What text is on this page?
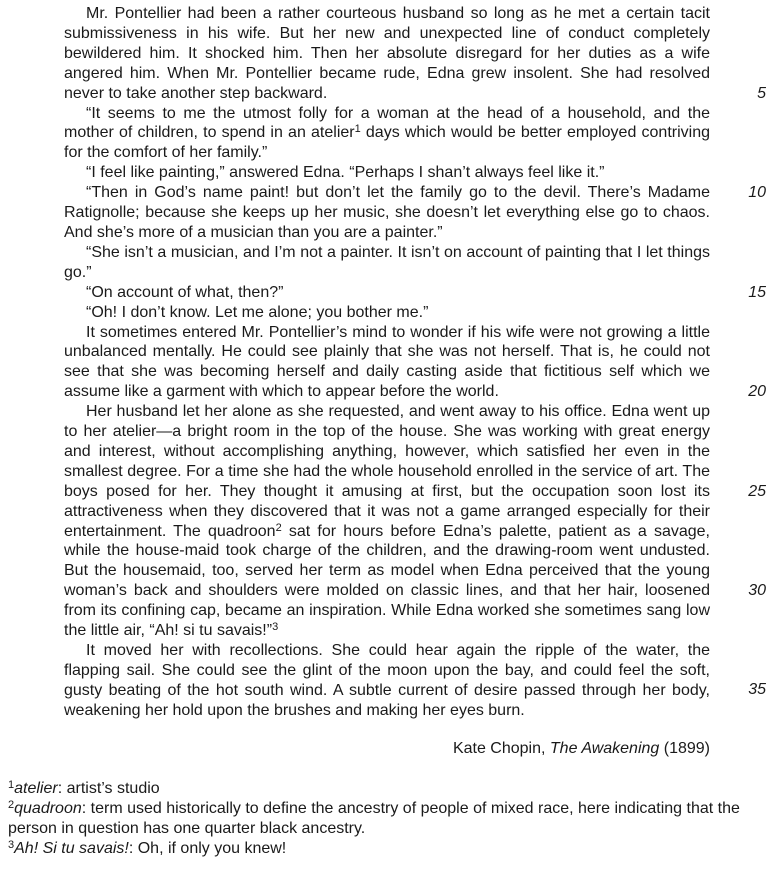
Mr. Pontellier had been a rather courteous husband so long as he met a certain tacit submissiveness in his wife. But her new and unexpected line of conduct completely bewildered him. It shocked him. Then her absolute disregard for her duties as a wife angered him. When Mr. Pontellier became rude, Edna grew insolent. She had resolved never to take another step backward.

“It seems to me the utmost folly for a woman at the head of a household, and the mother of children, to spend in an atelier$^1$ days which would be better employed contriving for the comfort of her family.”

“I feel like painting,” answered Edna. “Perhaps I shan’t always feel like it.”

“Then in God’s name paint! but don’t let the family go to the devil. There’s Madame Ratignolle; because she keeps up her music, she doesn’t let everything else go to chaos. And she’s more of a musician than you are a painter.”

“She isn’t a musician, and I’m not a painter. It isn’t on account of painting that I let things go.”

“On account of what, then?”

“Oh! I don’t know. Let me alone; you bother me.”

It sometimes entered Mr. Pontellier’s mind to wonder if his wife were not growing a little unbalanced mentally. He could see plainly that she was not herself. That is, he could not see that she was becoming herself and daily casting aside that fictitious self which we assume like a garment with which to appear before the world.

Her husband let her alone as she requested, and went away to his office. Edna went up to her atelier—a bright room in the top of the house. She was working with great energy and interest, without accomplishing anything, however, which satisfied her even in the smallest degree. For a time she had the whole household enrolled in the service of art. The boys posed for her. They thought it amusing at first, but the occupation soon lost its attractiveness when they discovered that it was not a game arranged especially for their entertainment. The quadroon$^2$ sat for hours before Edna’s palette, patient as a savage, while the house-maid took charge of the children, and the drawing-room went undusted. But the housemaid, too, served her term as model when Edna perceived that the young woman’s back and shoulders were molded on classic lines, and that her hair, loosened from its confining cap, became an inspiration. While Edna worked she sometimes sang low the little air, “Ah! si tu savais!”$^3$

It moved her with recollections. She could hear again the ripple of the water, the flapping sail. She could see the glint of the moon upon the bay, and could feel the soft, gusty beating of the hot south wind. A subtle current of desire passed through her body, weakening her hold upon the brushes and making her eyes burn.

5
10
15
20
25
30
35
Kate Chopin, The Awakening (1899)

$^1$atelier: artist’s studio

$^2$quadroon: term used historically to define the ancestry of people of mixed race, here indicating that the person in question has one quarter black ancestry.

$^3$Ah! Si tu savais!: Oh, if only you knew!
